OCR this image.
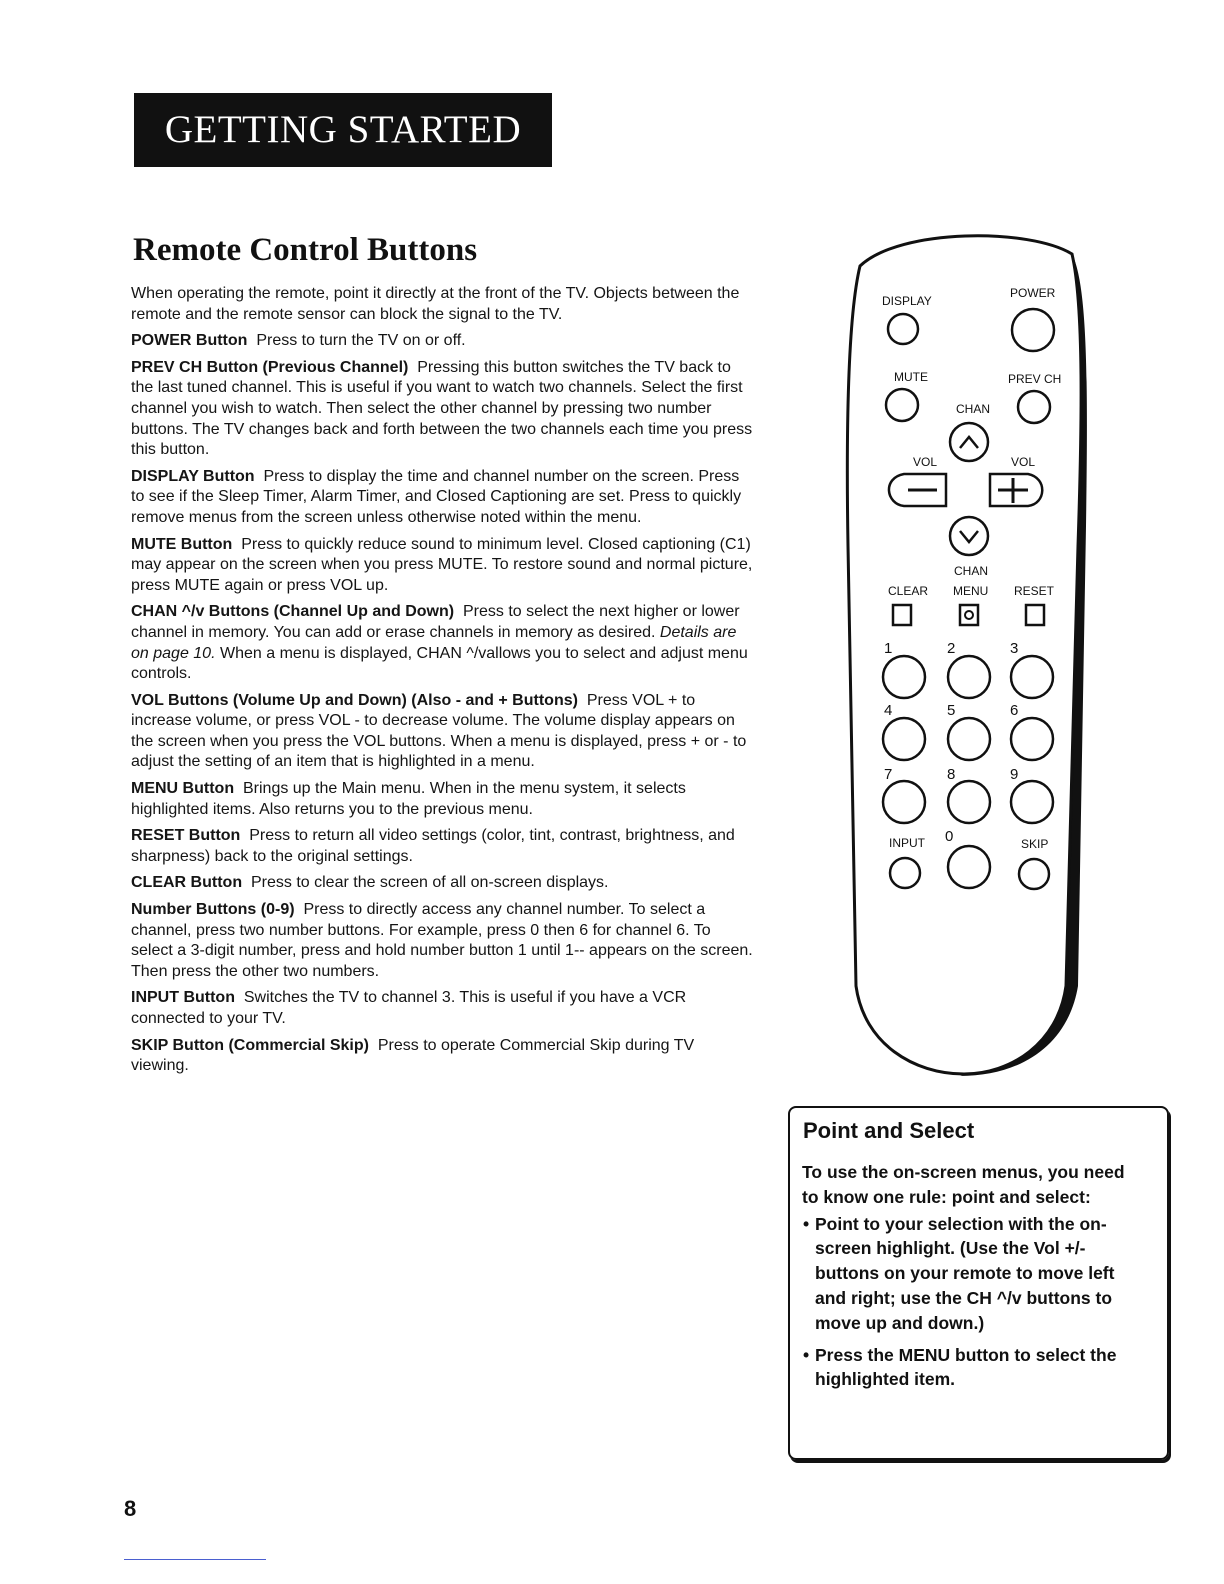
GETTING STARTED
Remote Control Buttons

When operating the remote, point it directly at the front of the TV. Objects between the remote and the remote sensor can block the signal to the TV.

POWER Button Press to turn the TV on or off.

PREV CH Button (Previous Channel) Pressing this button switches the TV back to the last tuned channel. This is useful if you want to watch two channels. Select the first channel you wish to watch. Then select the other channel by pressing two number buttons. The TV changes back and forth between the two channels each time you press this button.

DISPLAY Button Press to display the time and channel number on the screen. Press to see if the Sleep Timer, Alarm Timer, and Closed Captioning are set. Press to quickly remove menus from the screen unless otherwise noted within the menu.

MUTE Button Press to quickly reduce sound to minimum level. Closed captioning (C1) may appear on the screen when you press MUTE. To restore sound and normal picture, press MUTE again or press VOL up.

CHAN ^/v Buttons (Channel Up and Down) Press to select the next higher or lower channel in memory. You can add or erase channels in memory as desired. Details are on page 10. When a menu is displayed, CHAN ^/vallows you to select and adjust menu controls.

VOL Buttons (Volume Up and Down) (Also - and + Buttons) Press VOL + to increase volume, or press VOL - to decrease volume. The volume display appears on the screen when you press the VOL buttons. When a menu is displayed, press + or - to adjust the setting of an item that is highlighted in a menu.

MENU Button Brings up the Main menu. When in the menu system, it selects highlighted items. Also returns you to the previous menu.

RESET Button Press to return all video settings (color, tint, contrast, brightness, and sharpness) back to the original settings.

CLEAR Button Press to clear the screen of all on-screen displays.

Number Buttons (0-9) Press to directly access any channel number. To select a channel, press two number buttons. For example, press 0 then 6 for channel 6. To select a 3-digit number, press and hold number button 1 until 1-- appears on the screen. Then press the other two numbers.

INPUT Button Switches the TV to channel 3. This is useful if you have a VCR connected to your TV.

SKIP Button (Commercial Skip) Press to operate Commercial Skip during TV viewing.

DISPLAY
POWER
MUTE	PREV CH
CHAN
VOL	VOL
CHAN
CLEAR MENU RESET
1	2	3
4	5	6
7	8	9
INPUT 0	SKIP
Point and Select

To use the on-screen menus, you need to know one rule: point and select:

• Point to your selection with the on-screen highlight. (Use the Vol +/- buttons on your remote to move left and right; use the CH ^/v buttons to move up and down.)
• Press the MENU button to select the highlighted item.
8
